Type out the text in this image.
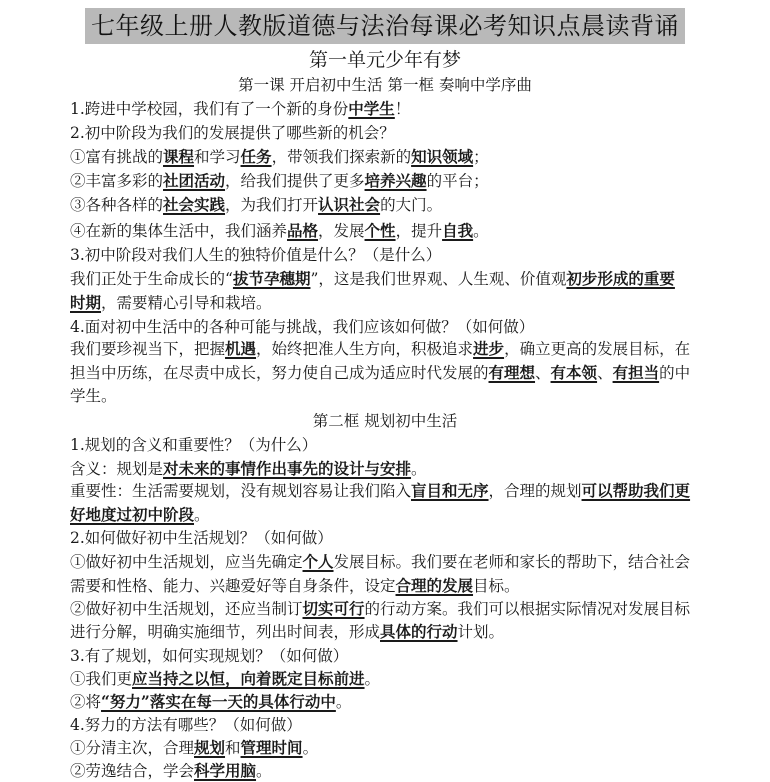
七年级上册人教版道德与法治每课必考知识点晨读背诵
第一单元少年有梦
第一课 开启初中生活 第一框 奏响中学序曲
第二框 规划初中生活
1.跨进中学校园，我们有了一个新的身份中学生！
2.初中阶段为我们的发展提供了哪些新的机会？
①富有挑战的课程和学习任务，带领我们探索新的知识领域；
②丰富多彩的社团活动，给我们提供了更多培养兴趣的平台；
③各种各样的社会实践，为我们打开认识社会的大门。
④在新的集体生活中，我们涵养品格，发展个性，提升自我。
3.初中阶段对我们人生的独特价值是什么？（是什么）
我们正处于生命成长的“拔节孕穗期”，这是我们世界观、人生观、价值观初步形成的重要
时期，需要精心引导和栽培。
4.面对初中生活中的各种可能与挑战，我们应该如何做？（如何做）
我们要珍视当下，把握机遇，始终把准人生方向，积极追求进步，确立更高的发展目标，在
担当中历练，在尽责中成长，努力使自己成为适应时代发展的有理想、有本领、有担当的中
学生。
1.规划的含义和重要性？（为什么）
含义：规划是对未来的事情作出事先的设计与安排。
重要性：生活需要规划，没有规划容易让我们陷入盲目和无序，合理的规划可以帮助我们更
好地度过初中阶段。
2.如何做好初中生活规划？（如何做）
①做好初中生活规划，应当先确定个人发展目标。我们要在老师和家长的帮助下，结合社会
需要和性格、能力、兴趣爱好等自身条件，设定合理的发展目标。
②做好初中生活规划，还应当制订切实可行的行动方案。我们可以根据实际情况对发展目标
进行分解，明确实施细节，列出时间表，形成具体的行动计划。
3.有了规划，如何实现规划？（如何做）
①我们更应当持之以恒，向着既定目标前进。
②将“努力”落实在每一天的具体行动中。
4.努力的方法有哪些？（如何做）
①分清主次，合理规划和管理时间。
②劳逸结合，学会科学用脑。
